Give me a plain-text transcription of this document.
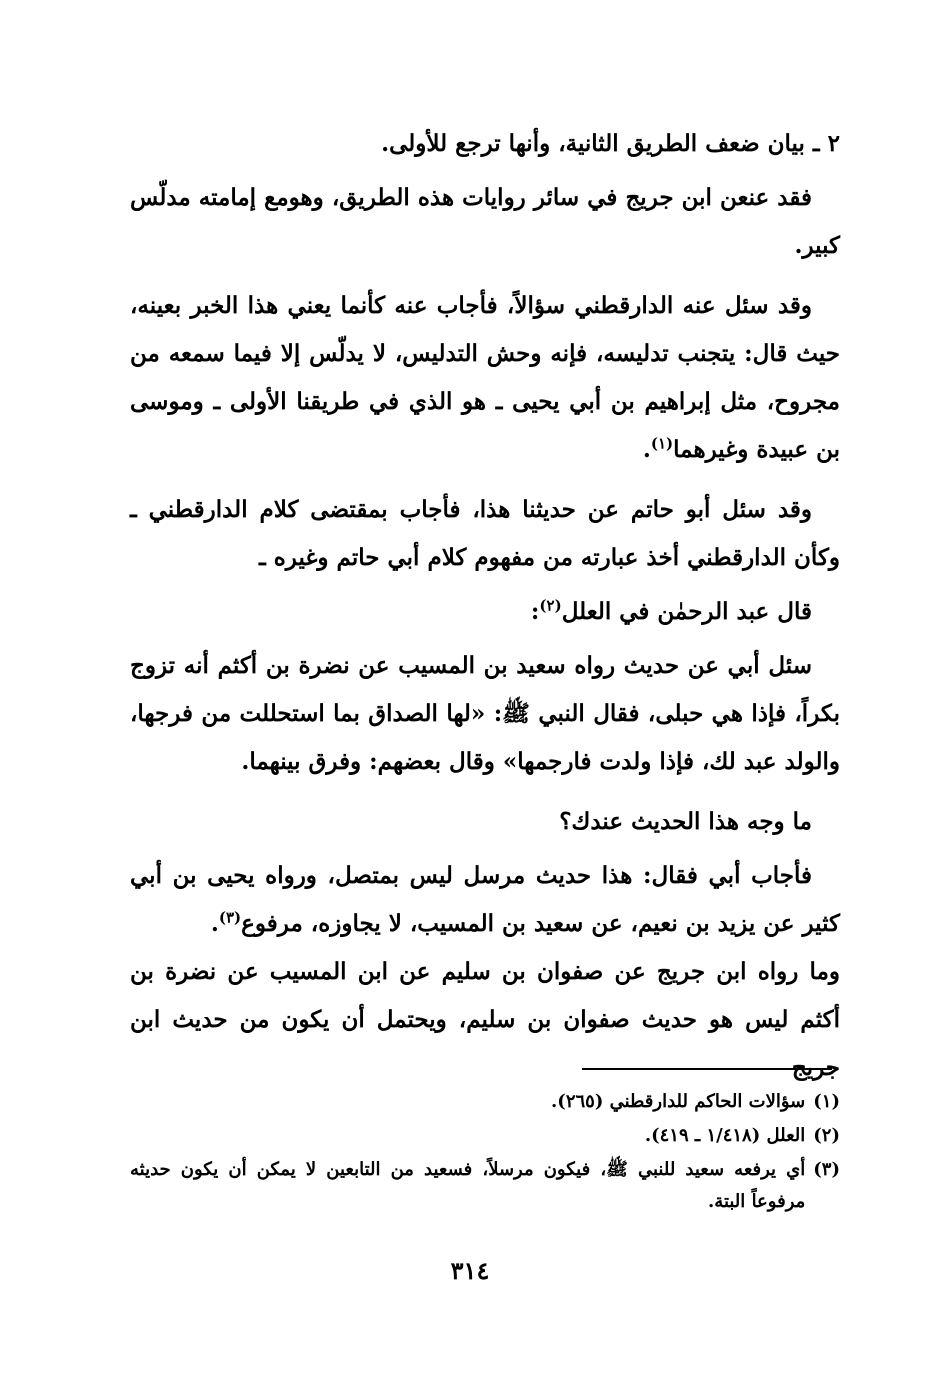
٢ ـ بيان ضعف الطريق الثانية، وأنها ترجع للأولى.

فقد عنعن ابن جريج في سائر روايات هذه الطريق، وهومع إمامته مدلّس كبير.

وقد سئل عنه الدارقطني سؤالاً، فأجاب عنه كأنما يعني هذا الخبر بعينه، حيث قال: يتجنب تدليسه، فإنه وحش التدليس، لا يدلّس إلا فيما سمعه من مجروح، مثل إبراهيم بن أبي يحيى ـ هو الذي في طريقنا الأولى ـ وموسى بن عبيدة وغيرهما$^{(١)}$.

وقد سئل أبو حاتم عن حديثنا هذا، فأجاب بمقتضى كلام الدارقطني ـ وكأن الدارقطني أخذ عبارته من مفهوم كلام أبي حاتم وغيره ـ

قال عبد الرحمٰن في العلل$^{(٢)}$:

سئل أبي عن حديث رواه سعيد بن المسيب عن نضرة بن أكثم أنه تزوج بكراً، فإذا هي حبلى، فقال النبي ﷺ: «لها الصداق بما استحللت من فرجها، والولد عبد لك، فإذا ولدت فارجمها» وقال بعضهم: وفرق بينهما.

ما وجه هذا الحديث عندك؟

فأجاب أبي فقال: هذا حديث مرسل ليس بمتصل، ورواه يحيى بن أبي كثير عن يزيد بن نعيم، عن سعيد بن المسيب، لا يجاوزه، مرفوع$^{(٣)}$.

وما رواه ابن جريج عن صفوان بن سليم عن ابن المسيب عن نضرة بن أكثم ليس هو حديث صفوان بن سليم، ويحتمل أن يكون من حديث ابن جريج

(١)
سؤالات الحاكم للدارقطني (٢٦٥).
(٢)
العلل (١/٤١٨ ـ ٤١٩).
(٣)
أي يرفعه سعيد للنبي ﷺ، فيكون مرسلاً، فسعيد من التابعين لا يمكن أن يكون حديثه مرفوعاً البتة.
٣١٤
